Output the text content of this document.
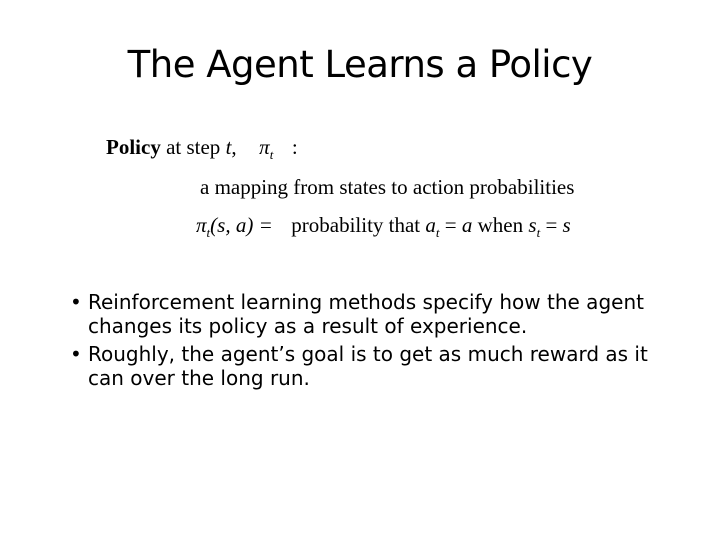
The Agent Learns a Policy
Policy at step t, $\pi_t$ :
a mapping from states to action probabilities
$\pi_t(s$, a) = probability that $a_t = a$ when $s_t = s$
• Reinforcement learning methods specify how the agent changes its policy as a result of experience.
• Roughly, the agent’s goal is to get as much reward as it can over the long run.
